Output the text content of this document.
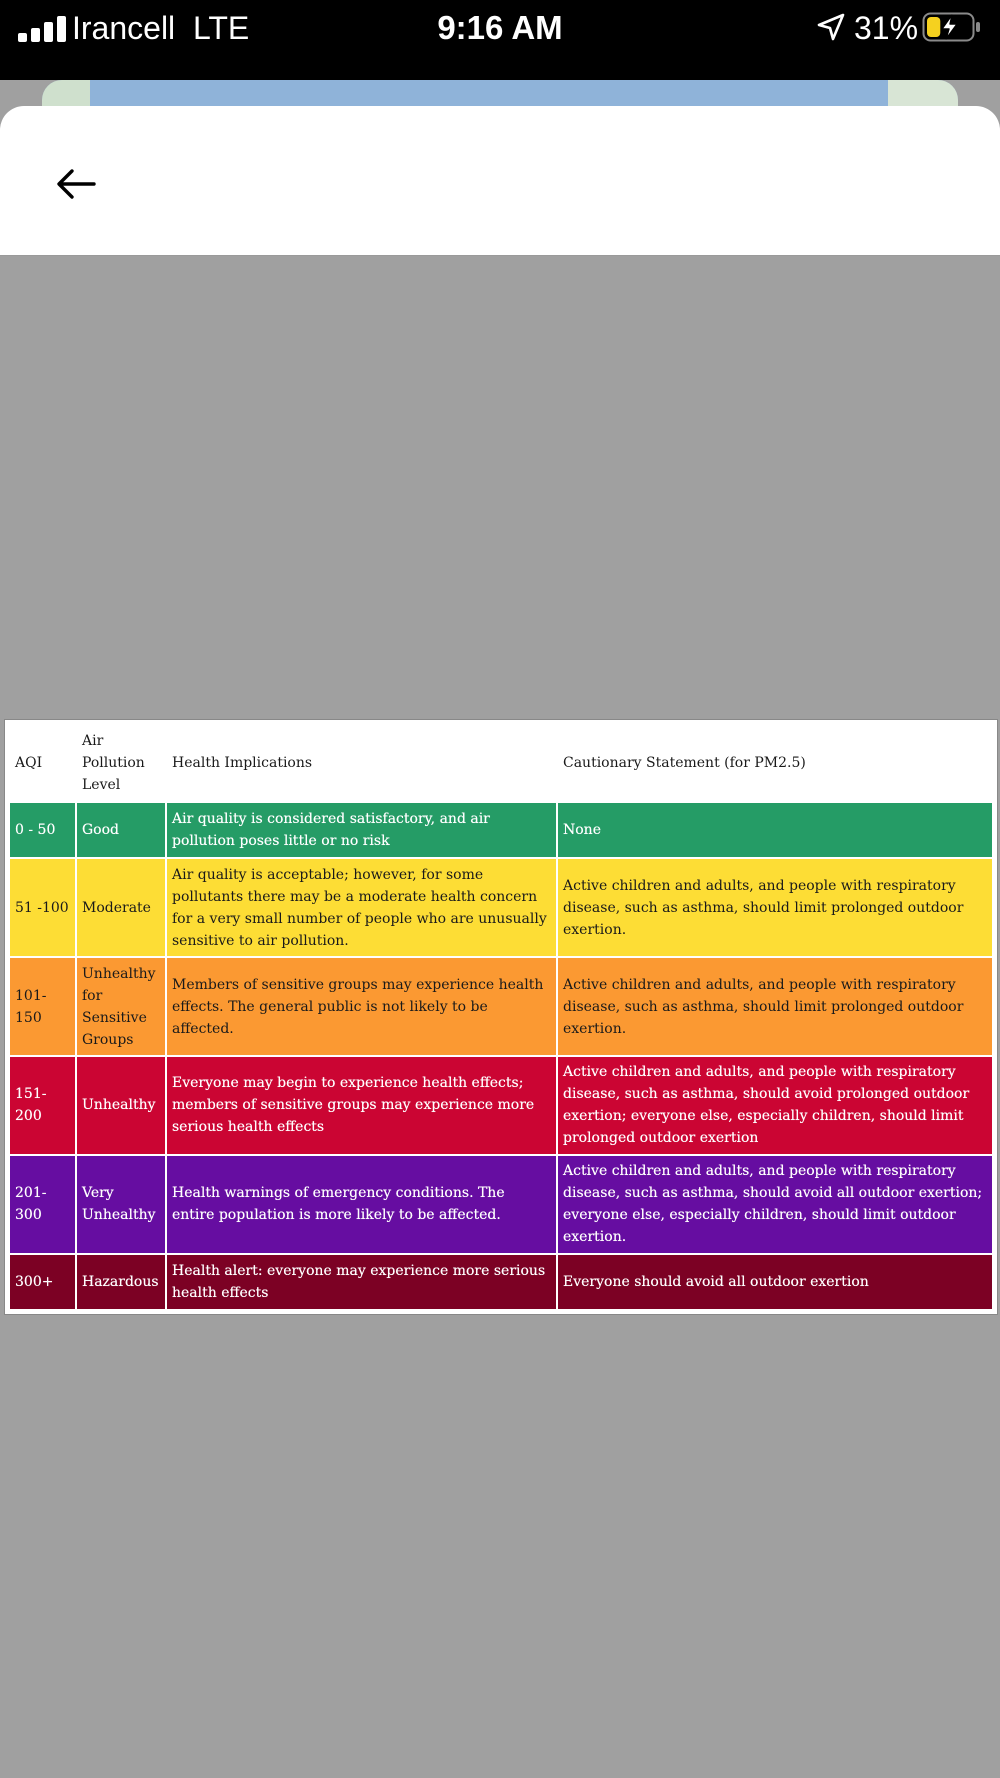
Irancell LTE	9:16 AM	31%
AQI	Air Pollution Level	Health Implications	Cautionary Statement (for PM2.5)
0 - 50	Good	Air quality is considered satisfactory, and air pollution poses little or no risk	None
51 -100	Moderate	Air quality is acceptable; however, for some pollutants there may be a moderate health concern for a very small number of people who are unusually sensitive to air pollution.	Active children and adults, and people with respiratory disease, such as asthma, should limit prolonged outdoor exertion.
101-150	Unhealthy for Sensitive Groups	Members of sensitive groups may experience health effects. The general public is not likely to be affected.	Active children and adults, and people with respiratory disease, such as asthma, should limit prolonged outdoor exertion.
151-200	Unhealthy	Everyone may begin to experience health effects; members of sensitive groups may experience more serious health effects	Active children and adults, and people with respiratory disease, such as asthma, should avoid prolonged outdoor exertion; everyone else, especially children, should limit prolonged outdoor exertion
201-300	Very Unhealthy	Health warnings of emergency conditions. The entire population is more likely to be affected.	Active children and adults, and people with respiratory disease, such as asthma, should avoid all outdoor exertion; everyone else, especially children, should limit outdoor exertion.
300+	Hazardous	Health alert: everyone may experience more serious health effects	Everyone should avoid all outdoor exertion
